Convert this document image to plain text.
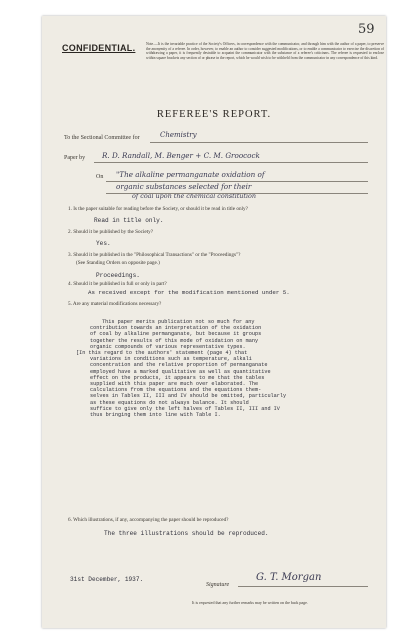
59
CONFIDENTIAL.	Note.—It is the invariable practice of the Society's Officers, in correspondence with the communicator, and through him with the author of a paper, to preserve the anonymity of a referee. In order, however, to enable an author to consider suggested modifications, or to enable a communicator to exercise the discretion of withdrawing a paper, it is frequently desirable to acquaint the communicator with the substance of a referee's criticisms. The referee is requested to enclose within square brackets any section of or phrase in the report, which he would wish to be withheld from the communicator in any correspondence of this kind.
REFEREE'S REPORT.
To the Sectional Committee for	Chemistry
Paper by R. D. Randall, M. Benger + C. M. Groocock
On "The alkaline permanganate oxidation of
organic substances selected for their
of coal upon the chemical constitution
1. Is the paper suitable for reading before the Society, or should it be read in title only?
Read in title only.
2. Should it be published by the Society?
Yes.
3. Should it be published in the "Philosophical Transactions" or the "Proceedings"?
(See Standing Orders on opposite page.)
Proceedings.
4. Should it be published in full or only in part?
As received except for the modification mentioned under 5.
5. Are any material modifications necessary?
This paper merits publication not so much for any
contribution towards an interpretation of the oxidation
of coal by alkaline permanganate, but because it groups
together the results of this mode of oxidation on many
organic compounds of various representative types.
[In this regard to the authors' statement (page 4) that
variations in conditions such as temperature, alkali
concentration and the relative proportion of permanganate
employed have a marked qualitative as well as quantitative
effect on the products, it appears to me that the tables
supplied with this paper are much over elaborated. The
calculations from the equations and the equations them-
selves in Tables II, III and IV should be omitted, particularly
as these equations do not always balance. It should
suffice to give only the left halves of Tables II, III and IV
thus bringing them into line with Table I.
6. Which illustrations, if any, accompanying the paper should be reproduced?
The three illustrations should be reproduced.
31st December, 1937.
Signature
G. T. Morgan
It is requested that any further remarks may be written on the back page.
